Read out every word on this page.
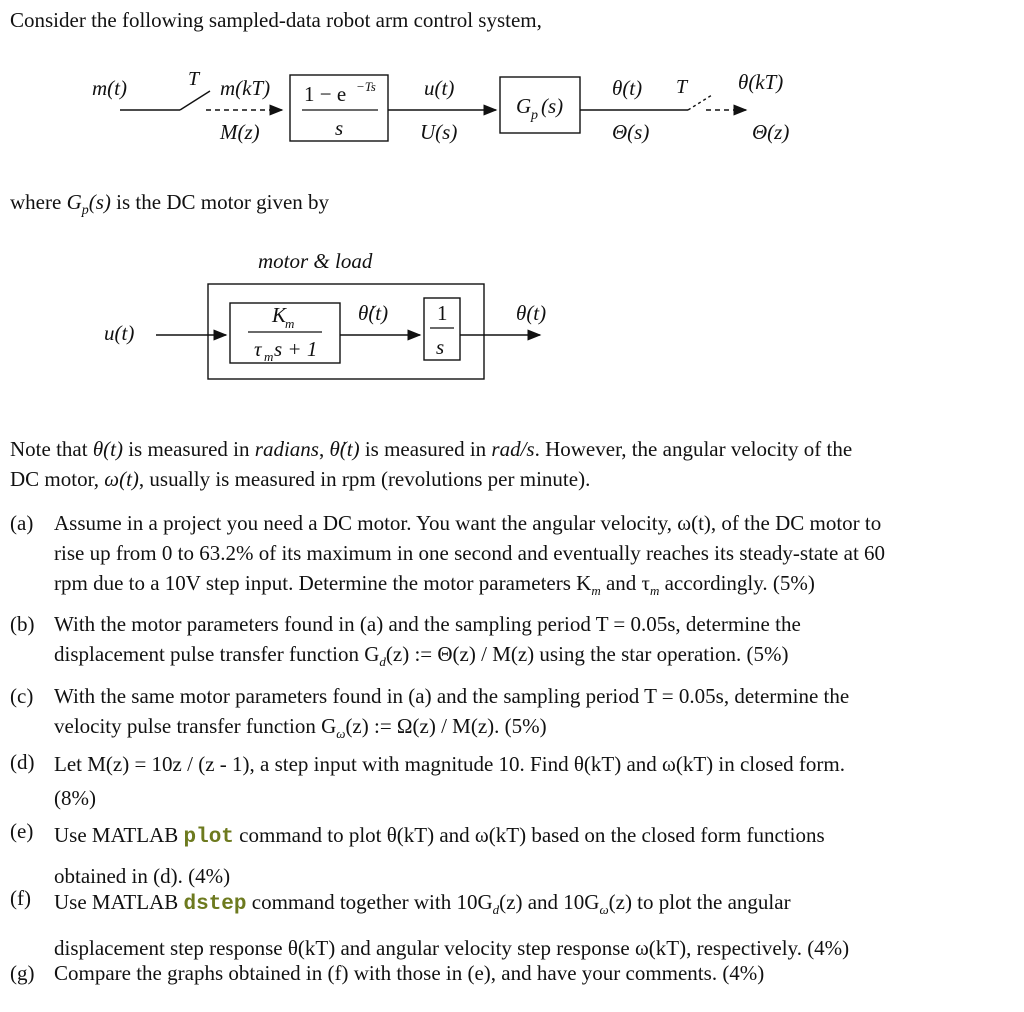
Consider the following sampled-data robot arm control system,
m(t)	T m(kT)
M(z)
1 − e −Ts
s
u(t)
U(s)
G p (s)
θ(t)
Θ(s)
T θ(kT)
Θ(z)
where $G_p(s)$ is the DC motor given by
motor & load
u(t)
K
m
τ m s + 1
θ̇(t) 1
s
θ(t)
Note that θ(t) is measured in radians, θ̇(t) is measured in rad/s. However, the angular velocity of the
DC motor, ω(t), usually is measured in rpm (revolutions per minute).
(a) Assume in a project you need a DC motor. You want the angular velocity, ω(t), of the DC motor to
rise up from 0 to 63.2% of its maximum in one second and eventually reaches its steady-state at 60
rpm due to a 10V step input. Determine the motor parameters $K_m$ and $\tau_m$ accordingly. (5%)
(b) With the motor parameters found in (a) and the sampling period T = 0.05s, determine the
displacement pulse transfer function $G_d(z)$ := Θ(z) / M(z) using the star operation. (5%)
(c) With the same motor parameters found in (a) and the sampling period T = 0.05s, determine the
velocity pulse transfer function $G_\omega(z)$ := Ω(z) / M(z). (5%)
(d) Let M(z) = 10z / (z - 1), a step input with magnitude 10. Find θ(kT) and ω(kT) in closed form.
(8%)
(e) Use MATLAB plot command to plot θ(kT) and ω(kT) based on the closed form functions
obtained in (d). (4%)
(f) Use MATLAB dstep command together with $10G_d(z)$ and $10G_\omega(z)$ to plot the angular
displacement step response θ(kT) and angular velocity step response ω(kT), respectively. (4%)
(g) Compare the graphs obtained in (f) with those in (e), and have your comments. (4%)
